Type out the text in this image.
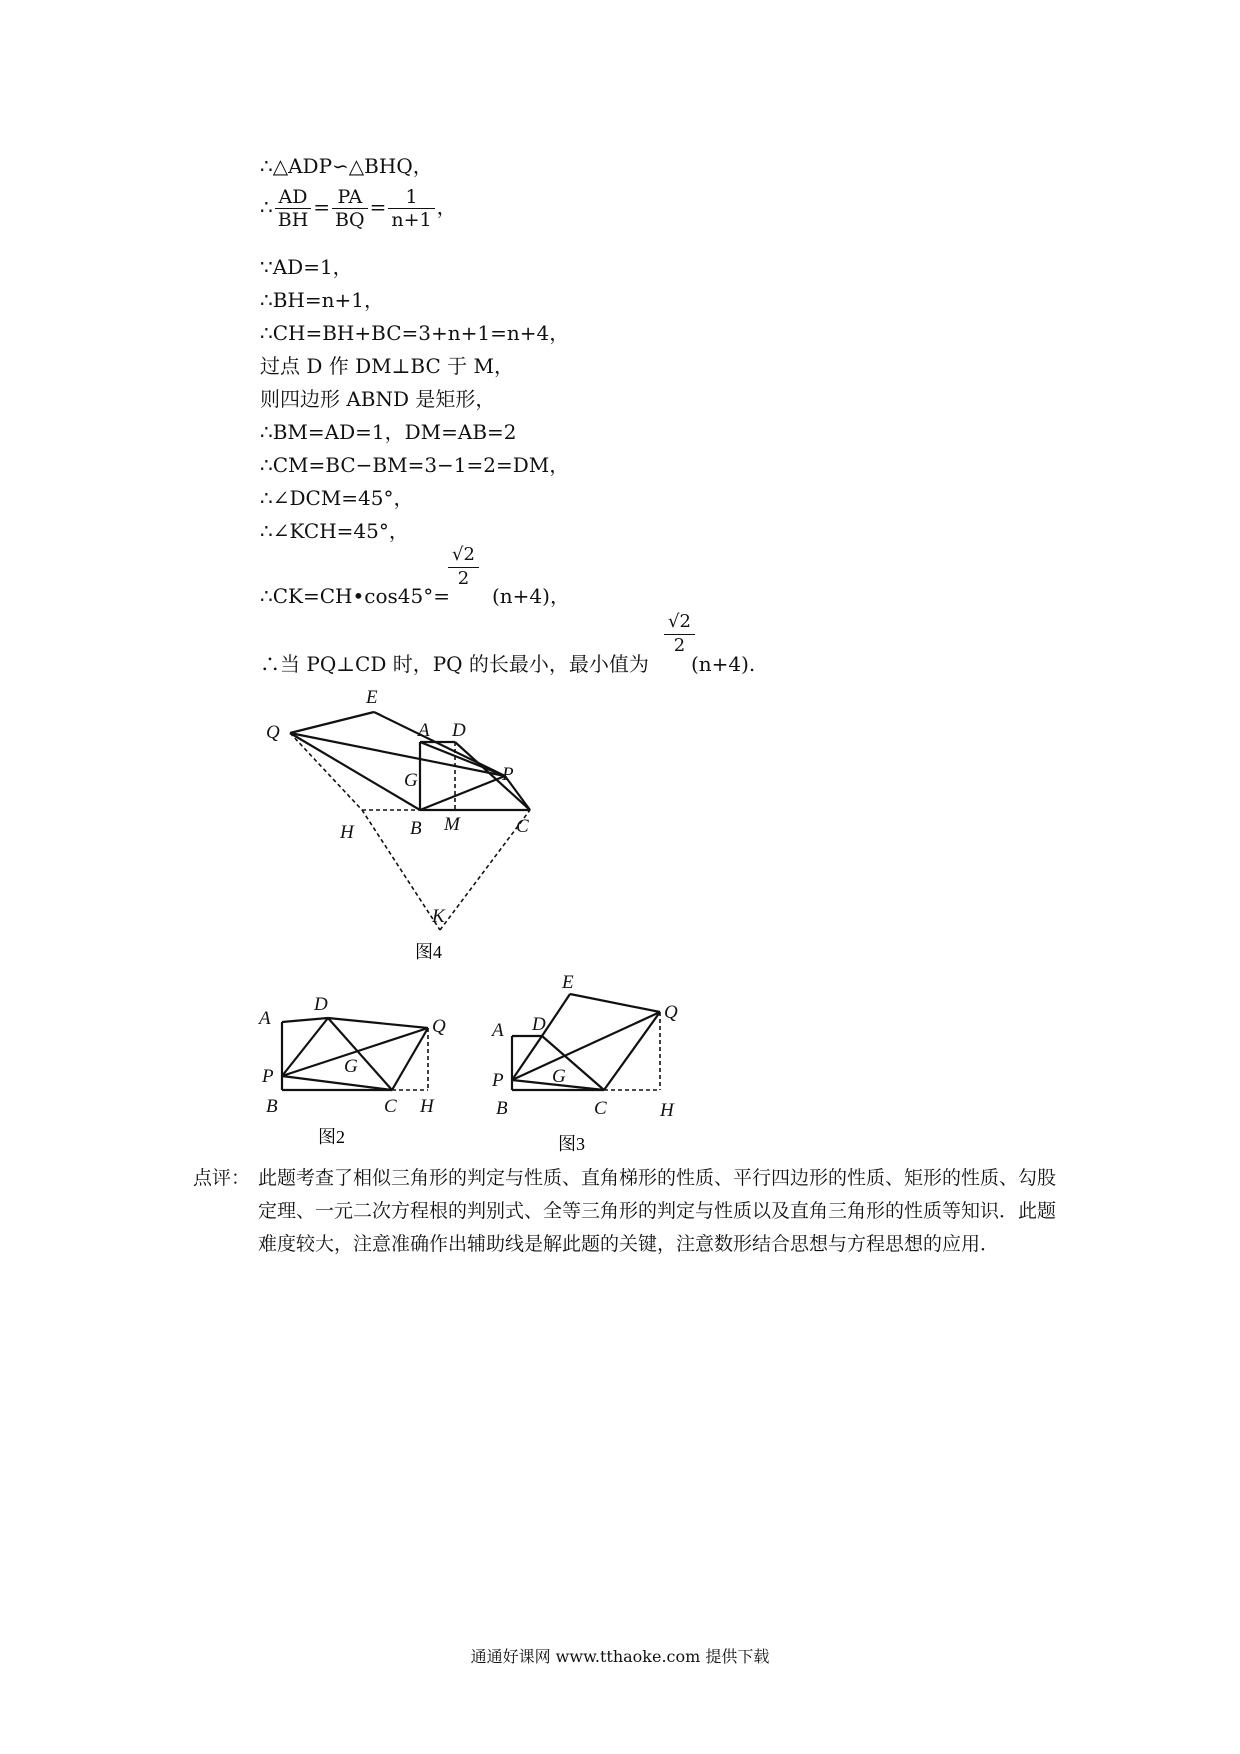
∴△ADP∽△BHQ，
∴ $\frac{AD}{BH} = \frac{PA}{BQ} = \frac{1}{n+1}$ ，
∵AD=1，
∴BH=n+1，
∴CH=BH+BC=3+n+1=n+4，
过点 D 作 DM⊥BC 于 M，
则四边形 ABND 是矩形，
∴BM=AD=1，DM=AB=2
∴CM=BC−BM=3−1=2=DM，
∴∠DCM=45°，
∴∠KCH=45°，
∴CK=CH•cos45°= (n+4)，
$\frac{√2}{2}$
∴当 PQ⊥CD 时，PQ 的长最小，最小值为 (n+4).
$\frac{√2}{2}$
E
Q	A D
G	P
H	B M	C
K
图4
A
D
Q
G
P
B	C H
图2
E
Q
A D
G
P
B	C	H
图3
点评： 此题考查了相似三角形的判定与性质、直角梯形的性质、平行四边形的性质、矩形的性质、勾股定理、一元二次方程根的判别式、全等三角形的判定与性质以及直角三角形的性质等知识．此题难度较大，注意准确作出辅助线是解此题的关键，注意数形结合思想与方程思想的应用．
通通好课网 www.tthaoke.com 提供下载
